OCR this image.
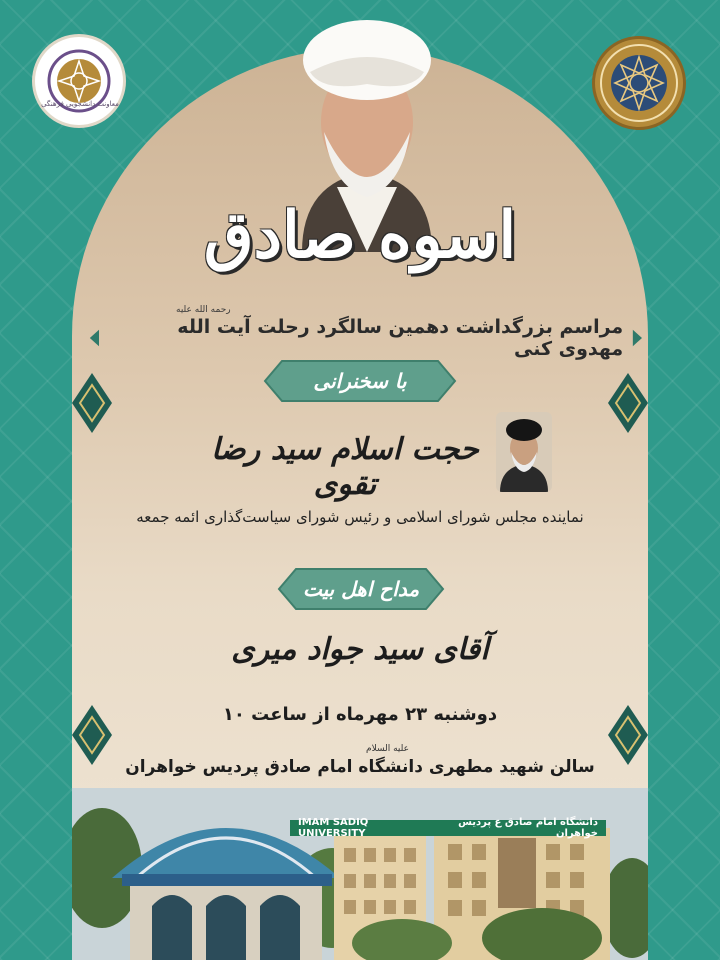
معاونت دانشجویی فرهنگی
اسوه صادق
رحمه الله علیه
مراسم بزرگداشت دهمین سالگرد رحلت آیت الله مهدوی کنی
با سخنرانی
حجت اسلام سید رضا تقوی
نماینده مجلس شورای اسلامی و رئیس شورای سیاست‌گذاری ائمه جمعه
مداح اهل بیت
آقای سید جواد میری
دوشنبه ۲۳ مهرماه از ساعت ۱۰
علیه السلام
سالن شهید مطهری دانشگاه امام صادق پردیس خواهران
IMAM SADIQ UNIVERSITY
دانشگاه امام صادق ع پردیس خواهران
